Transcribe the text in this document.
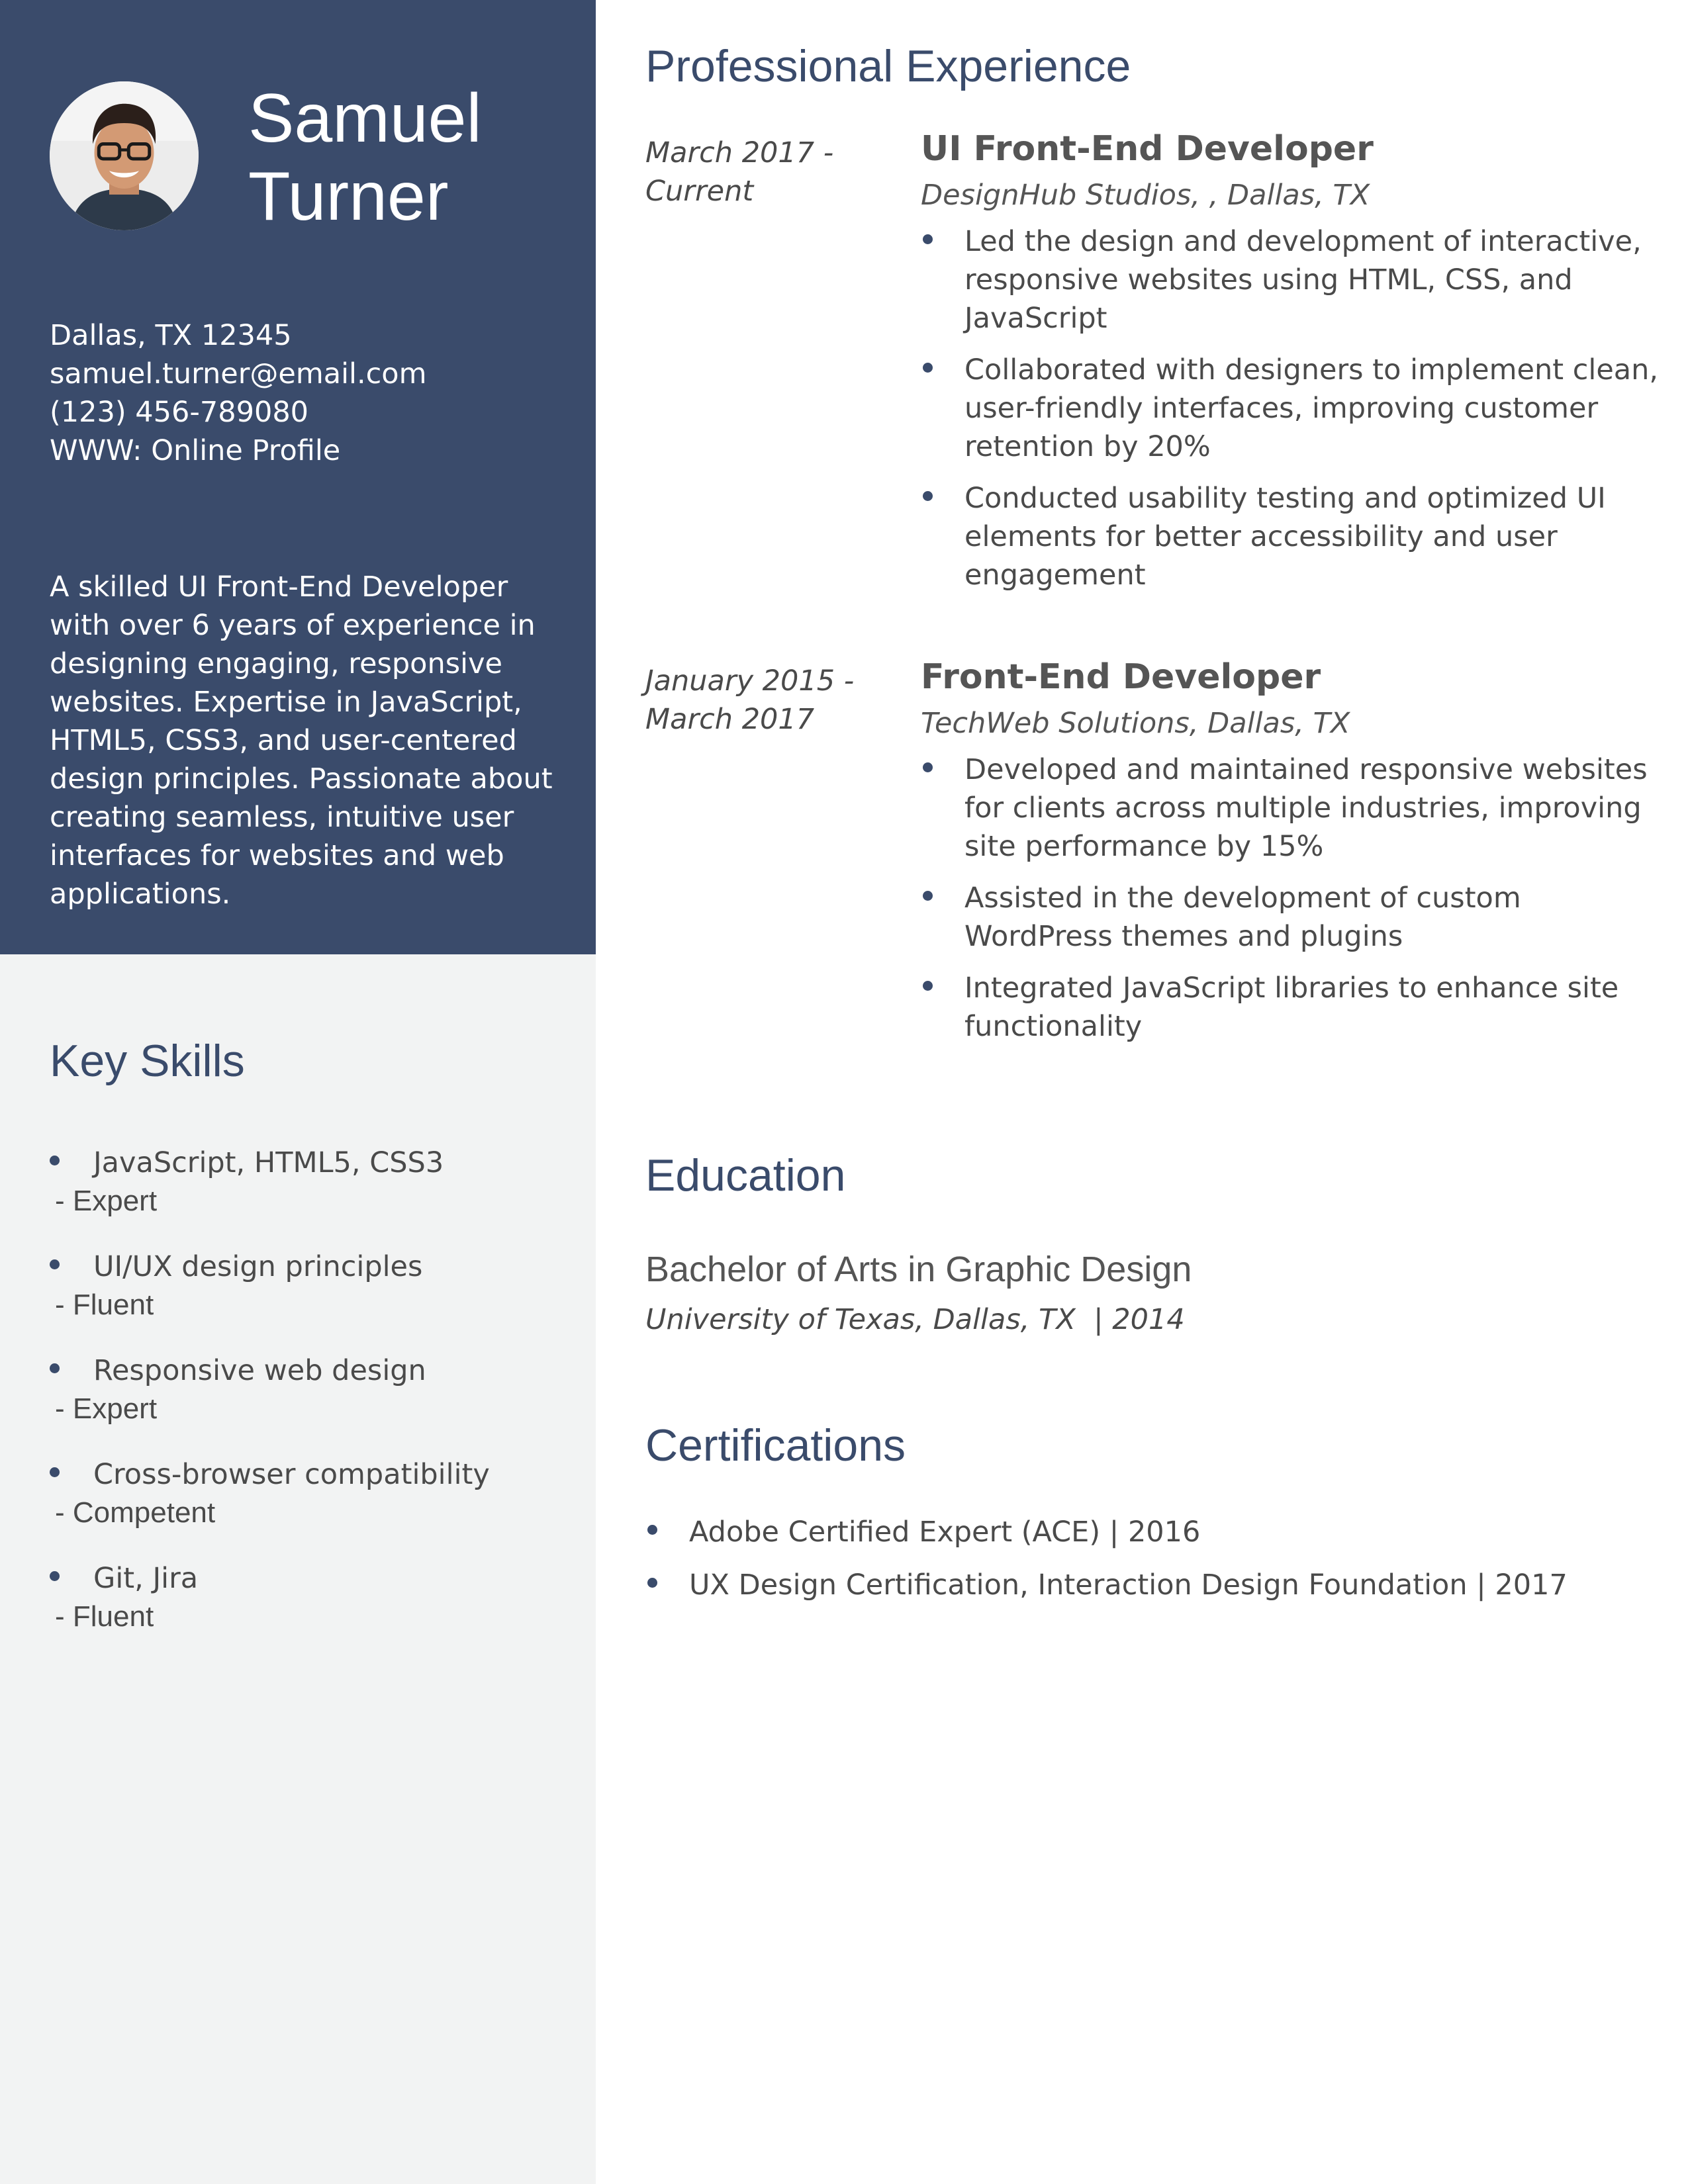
Samuel
Turner
Dallas, TX 12345
samuel.turner@email.com
(123) 456-789080
WWW: Online Profile
A skilled UI Front-End Developer with over 6 years of experience in designing engaging, responsive websites. Expertise in JavaScript, HTML5, CSS3, and user-centered design principles. Passionate about creating seamless, intuitive user interfaces for websites and web applications.
Key Skills
JavaScript, HTML5, CSS3
- Expert
UI/UX design principles
- Fluent
Responsive web design
- Expert
Cross-browser compatibility
- Competent
Git, Jira
- Fluent
Professional Experience
March 2017 -
Current
UI Front-End Developer
DesignHub Studios, , Dallas, TX
Led the design and development of interactive, responsive websites using HTML, CSS, and JavaScript
Collaborated with designers to implement clean, user-friendly interfaces, improving customer retention by 20%
Conducted usability testing and optimized UI elements for better accessibility and user engagement
January 2015 -
March 2017
Front-End Developer
TechWeb Solutions, Dallas, TX
Developed and maintained responsive websites for clients across multiple industries, improving site performance by 15%
Assisted in the development of custom WordPress themes and plugins
Integrated JavaScript libraries to enhance site functionality
Education
Bachelor of Arts in Graphic Design
University of Texas, Dallas, TX  | 2014
Certifications
Adobe Certified Expert (ACE) | 2016
UX Design Certification, Interaction Design Foundation | 2017
